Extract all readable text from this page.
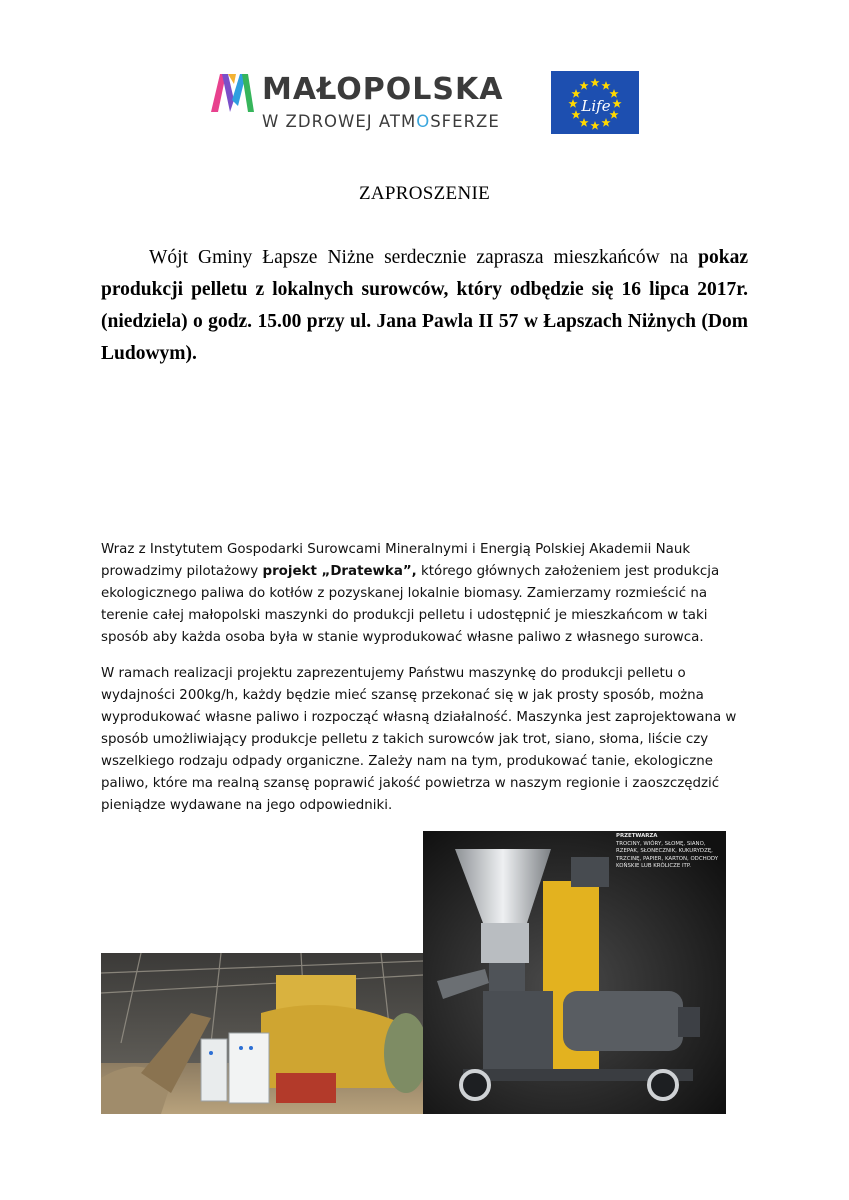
MAŁOPOLSKA
W ZDROWEJ ATMOSFERZE
Life
ZAPROSZENIE
Wójt Gminy Łapsze Niżne serdecznie zaprasza mieszkańców na pokaz produkcji pelletu z lokalnych surowców, który odbędzie się 16 lipca 2017r. (niedziela) o godz. 15.00 przy ul. Jana Pawla II 57 w Łapszach Niżnych (Dom Ludowym).
Wraz z Instytutem Gospodarki Surowcami Mineralnymi i Energią Polskiej Akademii Nauk prowadzimy pilotażowy projekt „Dratewka”, którego głównych założeniem jest produkcja ekologicznego paliwa do kotłów z pozyskanej lokalnie biomasy. Zamierzamy rozmieścić na terenie całej małopolski maszynki do produkcji pelletu i udostępnić je mieszkańcom w taki sposób aby każda osoba była w stanie wyprodukować własne paliwo z własnego surowca.
W ramach realizacji projektu zaprezentujemy Państwu maszynkę do produkcji pelletu o wydajności 200kg/h, każdy będzie mieć szansę przekonać się w jak prosty sposób, można wyprodukować własne paliwo i rozpocząć własną działalność. Maszynka jest zaprojektowana w sposób umożliwiający produkcje pelletu z takich surowców jak trot, siano, słoma, liście czy wszelkiego rodzaju odpady organiczne. Zależy nam na tym, produkować tanie, ekologiczne paliwo, które ma realną szansę poprawić jakość powietrza w naszym regionie i zaoszczędzić pieniądze wydawane na jego odpowiedniki.
PRZETWARZA
TROCINY, WIÓRY, SŁOMĘ, SIANO, RZEPAK, SŁONECZNIK, KUKURYDZĘ, TRZCINĘ, PAPIER, KARTON, ODCHODY KOŃSKIE LUB KRÓLICZE ITP.
